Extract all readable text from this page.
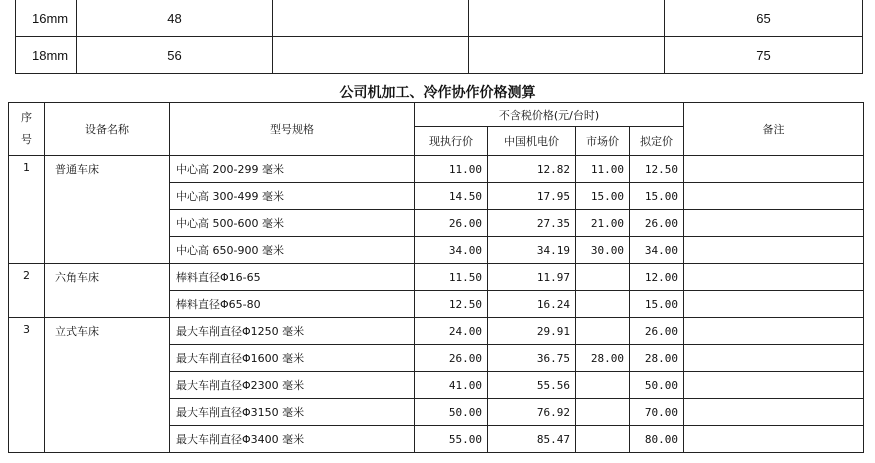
16mm	48			65
18mm	56			75
公司机加工、冷作协作价格测算
序
号	设备名称	型号规格	不含税价格(元/台时)				备注
			现执行价	中国机电价	市场价	拟定价	
1	普通车床	中心高 200-299 毫米	11.00	12.82	11.00	12.50	
		中心高 300-499 毫米	14.50	17.95	15.00	15.00	
		中心高 500-600 毫米	26.00	27.35	21.00	26.00	
		中心高 650-900 毫米	34.00	34.19	30.00	34.00	
2	六角车床	棒料直径Φ16-65	11.50	11.97		12.00	
		棒料直径Φ65-80	12.50	16.24		15.00	
3	立式车床	最大车削直径Φ1250 毫米	24.00	29.91		26.00	
		最大车削直径Φ1600 毫米	26.00	36.75	28.00	28.00	
		最大车削直径Φ2300 毫米	41.00	55.56		50.00	
		最大车削直径Φ3150 毫米	50.00	76.92		70.00	
		最大车削直径Φ3400 毫米	55.00	85.47		80.00	
